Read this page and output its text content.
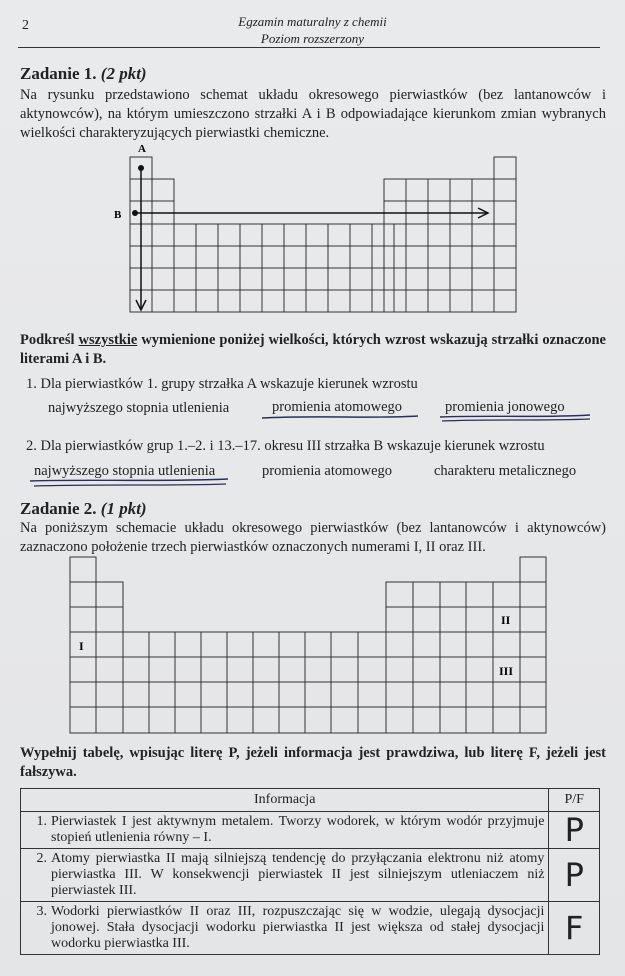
2	Egzamin maturalny z chemii
Poziom rozszerzony
Zadanie 1. (2 pkt)
Na rysunku przedstawiono schemat układu okresowego pierwiastków (bez lantanowców i aktynowców), na którym umieszczono strzałki A i B odpowiadające kierunkom zmian wybranych wielkości charakteryzujących pierwiastki chemiczne.
A
B
Podkreśl wszystkie wymienione poniżej wielkości, których wzrost wskazują strzałki oznaczone literami A i B.
1. Dla pierwiastków 1. grupy strzałka A wskazuje kierunek wzrostu
najwyższego stopnia utlenienia	promienia atomowego	promienia jonowego
2. Dla pierwiastków grup 1.–2. i 13.–17. okresu III strzałka B wskazuje kierunek wzrostu
najwyższego stopnia utlenienia	promienia atomowego	charakteru metalicznego
Zadanie 2. (1 pkt)
Na poniższym schemacie układu okresowego pierwiastków (bez lantanowców i aktynowców) zaznaczono położenie trzech pierwiastków oznaczonych numerami I, II oraz III.
I
II
III
Wypełnij tabelę, wpisując literę P, jeżeli informacja jest prawdziwa, lub literę F, jeżeli jest fałszywa.
Informacja	P/F

1. Pierwiastek I jest aktywnym metalem. Tworzy wodorek, w którym wodór przyjmuje stopień utlenienia równy – I.	P

2. Atomy pierwiastka II mają silniejszą tendencję do przyłączania elektronu niż atomy pierwiastka III. W konsekwencji pierwiastek II jest silniejszym utleniaczem niż pierwiastek III.	P

3. Wodorki pierwiastków II oraz III, rozpuszczając się w wodzie, ulegają dysocjacji jonowej. Stała dysocjacji wodorku pierwiastka II jest większa od stałej dysocjacji wodorku pierwiastka III.	F
